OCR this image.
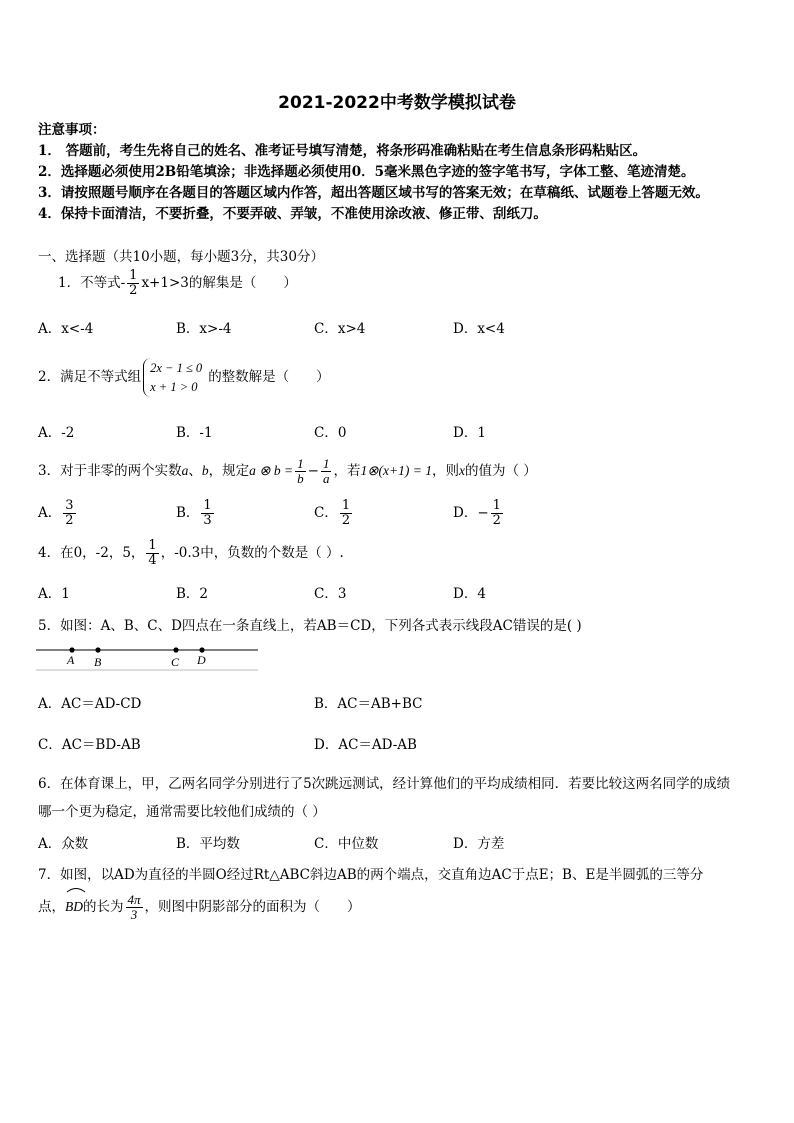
2021-2022中考数学模拟试卷
注意事项：
1． 答题前，考生先将自己的姓名、准考证号填写清楚，将条形码准确粘贴在考生信息条形码粘贴区。
2．选择题必须使用2B铅笔填涂；非选择题必须使用0．5毫米黑色字迹的签字笔书写，字体工整、笔迹清楚。
3．请按照题号顺序在各题目的答题区域内作答，超出答题区域书写的答案无效；在草稿纸、试题卷上答题无效。
4．保持卡面清洁，不要折叠，不要弄破、弄皱，不准使用涂改液、修正带、刮纸刀。
一、选择题（共10小题，每小题3分，共30分）
1．不等式- $\frac{1}{2} x+1>3$的解集是（　　）
A．x<-4	B．x>-4	C．x>4	D．x<4
2．满足不等式组
2x − 1 ≤ 0
x + 1 > 0
的整数解是（　　）
A．-2	B．-1	C．0	D．1
3．对于非零的两个实数a、b，规定a ⊗ $b = \frac{1}{b} - \frac{1}{a}$ ，若1⊗(x+1) = 1，则x的值为（ ）
A． $\frac{3}{2}$	B． $\frac{1}{3}$	C． $\frac{1}{2}$	D．− $\frac{1}{2}$
4．在0，-2，5， $\frac{1}{4}$ ，-0.3中，负数的个数是（ ）.
A．1	B．2	C．3	D．4
5．如图：A、B、C、D四点在一条直线上，若AB＝CD，下列各式表示线段AC错误的是( )
A B	C D
A．AC＝AD-CD	B．AC＝AB+BC
C．AC＝BD-AB	D．AC＝AD-AB
6．在体育课上，甲，乙两名同学分别进行了5次跳远测试，经计算他们的平均成绩相同．若要比较这两名同学的成绩
哪一个更为稳定，通常需要比较他们成绩的（ ）
A．众数	B．平均数	C．中位数	D．方差
7．如图，以AD为直径的半圆O经过Rt△ABC斜边AB的两个端点，交直角边AC于点E；B、E是半圆弧的三等分
点，BD
的长为 $\frac{4\pi}{3}$ ，则图中阴影部分的面积为（　　）
